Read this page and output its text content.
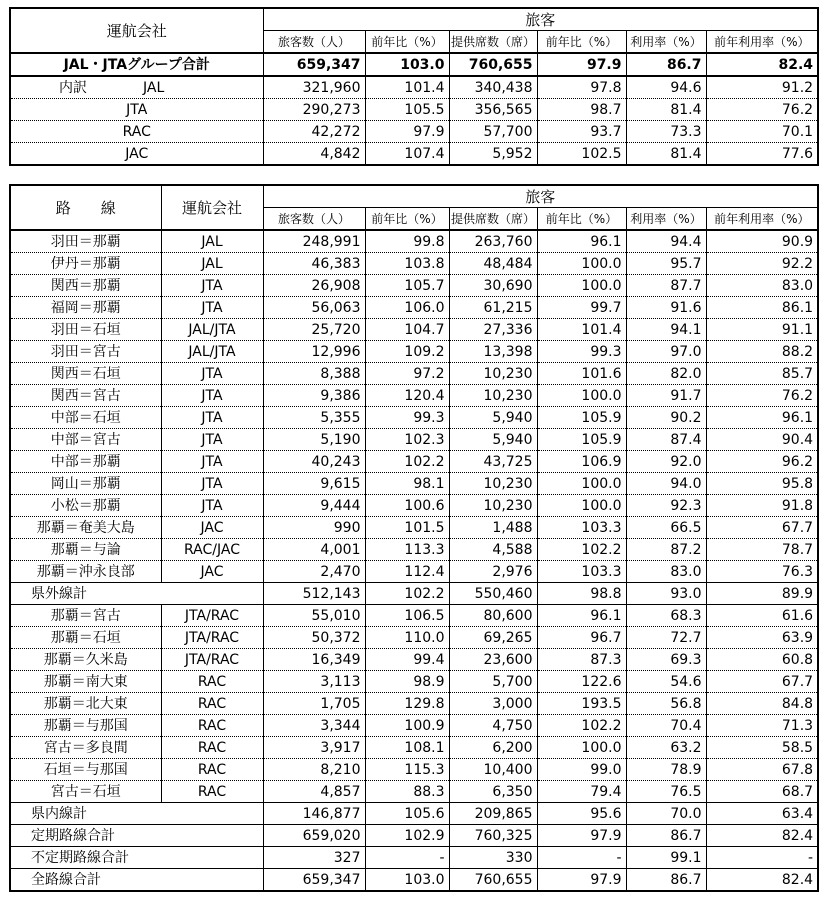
運航会社	旅客					
	旅客数（人）	前年比（%）	提供席数（席）	前年比（%）	利用率（%）	前年利用率（%）
JAL・JTAグループ合計	659,347	103.0	760,655	97.9	86.7	82.4
内訳 JAL	321,960	101.4	340,438	97.8	94.6	91.2
JTA	290,273	105.5	356,565	98.7	81.4	76.2
RAC	42,272	97.9	57,700	93.7	73.3	70.1
JAC	4,842	107.4	5,952	102.5	81.4	77.6
路　　線	運航会社	旅客					
		旅客数（人）	前年比（%）	提供席数（席）	前年比（%）	利用率（%）	前年利用率（%）
羽田＝那覇	JAL	248,991	99.8	263,760	96.1	94.4	90.9
伊丹＝那覇	JAL	46,383	103.8	48,484	100.0	95.7	92.2
関西＝那覇	JTA	26,908	105.7	30,690	100.0	87.7	83.0
福岡＝那覇	JTA	56,063	106.0	61,215	99.7	91.6	86.1
羽田＝石垣	JAL/JTA	25,720	104.7	27,336	101.4	94.1	91.1
羽田＝宮古	JAL/JTA	12,996	109.2	13,398	99.3	97.0	88.2
関西＝石垣	JTA	8,388	97.2	10,230	101.6	82.0	85.7
関西＝宮古	JTA	9,386	120.4	10,230	100.0	91.7	76.2
中部＝石垣	JTA	5,355	99.3	5,940	105.9	90.2	96.1
中部＝宮古	JTA	5,190	102.3	5,940	105.9	87.4	90.4
中部＝那覇	JTA	40,243	102.2	43,725	106.9	92.0	96.2
岡山＝那覇	JTA	9,615	98.1	10,230	100.0	94.0	95.8
小松＝那覇	JTA	9,444	100.6	10,230	100.0	92.3	91.8
那覇＝奄美大島	JAC	990	101.5	1,488	103.3	66.5	67.7
那覇＝与論	RAC/JAC	4,001	113.3	4,588	102.2	87.2	78.7
那覇＝沖永良部	JAC	2,470	112.4	2,976	103.3	83.0	76.3
県外線計		512,143	102.2	550,460	98.8	93.0	89.9
那覇＝宮古	JTA/RAC	55,010	106.5	80,600	96.1	68.3	61.6
那覇＝石垣	JTA/RAC	50,372	110.0	69,265	96.7	72.7	63.9
那覇＝久米島	JTA/RAC	16,349	99.4	23,600	87.3	69.3	60.8
那覇＝南大東	RAC	3,113	98.9	5,700	122.6	54.6	67.7
那覇＝北大東	RAC	1,705	129.8	3,000	193.5	56.8	84.8
那覇＝与那国	RAC	3,344	100.9	4,750	102.2	70.4	71.3
宮古＝多良間	RAC	3,917	108.1	6,200	100.0	63.2	58.5
石垣＝与那国	RAC	8,210	115.3	10,400	99.0	78.9	67.8
宮古＝石垣	RAC	4,857	88.3	6,350	79.4	76.5	68.7
県内線計		146,877	105.6	209,865	95.6	70.0	63.4
定期路線合計		659,020	102.9	760,325	97.9	86.7	82.4
不定期路線合計		327	-	330	-	99.1	-
全路線合計		659,347	103.0	760,655	97.9	86.7	82.4
